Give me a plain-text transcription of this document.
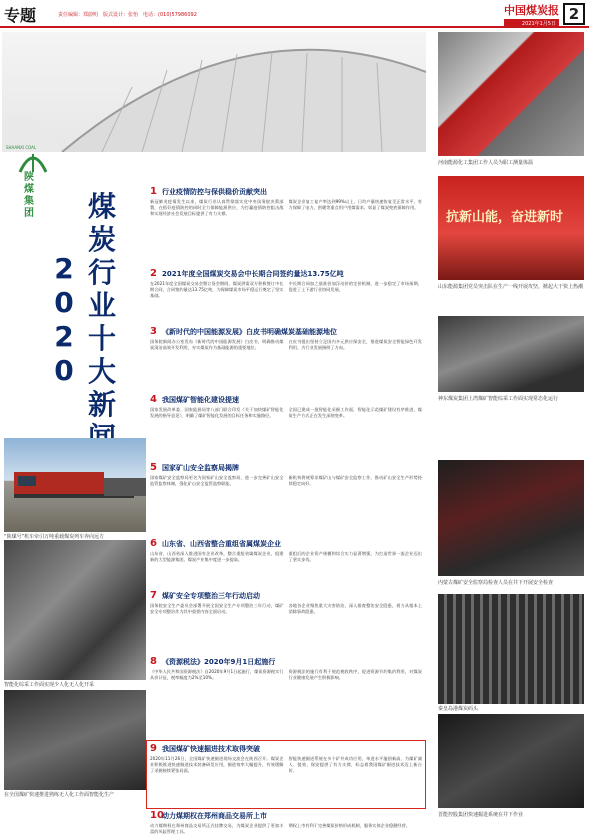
专题	责任编辑：郑蔚明　版式设计：张怡　电话：(010)57986092	中国煤炭报
2021年1月5日
2
SHAANXI COAL
陕煤集团 煤炭行业十大新
2020
“陕煤号”机车牵引万吨重载煤炭列车奔向远方
智能化综采工作面实现少人化无人化开采
在全国煤矿快速推进熟练无人化工作面智能化生产
1 行业疫情防控与保供稳价贡献突出
新冠肺炎疫情发生以来，煤炭行业认真贯彻落实党中央国务院决策部署，在抓好疫情防控的同时全力保障能源供应，为打赢疫情防控阻击战和实现经济社会发展目标提供了有力支撑。
煤炭企业复工复产率达到99%以上，日均产量快速恢复至正常水平，有力保障了电力、供暖等重点用户用煤需求，彰显了煤炭兜底保障作用。
2 2021年度全国煤炭交易会中长期合同签约量达13.75亿吨
在2021年度全国煤炭交易会暨订货会期间，煤炭供需双方积极签订中长期合同，合同签约量达13.75亿吨，为保障煤炭市场平稳运行奠定了坚实基础。
中长期合同加之基准价加浮动价的定价机制，进一步稳定了市场预期，促进了上下游行业协同发展。
3 《新时代的中国能源发展》白皮书明确煤炭基础能源地位
国务院新闻办公室发布《新时代的中国能源发展》白皮书，明确推动煤炭清洁高效开发利用，夯实煤炭作为基础能源的重要地位。
白皮书提出坚持立足国内多元供应保安全，推进煤炭安全智能绿色开发利用，为行业发展指明了方向。
4 我国煤矿智能化建设提速
国家发展改革委、国家能源局等八部门联合印发《关于加快煤矿智能化发展的指导意见》，明确了煤矿智能化发展的目标任务和实施路径。
全国已建成一批智能化采掘工作面，智能化示范煤矿建设有序推进，煤炭生产方式正在发生深刻变革。
5 国家矿山安全监察局揭牌
国家煤矿安全监察局更名为国家矿山安全监察局，进一步完善矿山安全监管监察体制，强化矿山安全监管监察职能。
新机构将统筹非煤矿山与煤矿安全监察工作，推动矿山安全生产形势持续稳定向好。
6 山东省、山西省整合重组省属煤炭企业
山东省、山西省深入推进国有企业改革，整合重组省属煤炭企业，组建新的大型能源集团，煤炭产业集中度进一步提高。
重组后的企业资产规模和综合实力显著增强，为打造世界一流企业迈出了坚实步伐。
7 煤矿安全专项整治三年行动启动
国务院安全生产委员会部署开展全国安全生产专项整治三年行动，煤矿安全专项整治作为其中重要内容全面启动。
各地各企业聚焦重大灾害防治，深入排查整治安全隐患，着力从根本上消除事故隐患。
8 《资源税法》2020年9月1日起施行
《中华人民共和国资源税法》自2020年9月1日起施行，煤炭资源税实行从价计征，税率幅度为2%至10%。
资源税法的施行有利于规范税收秩序，促进资源节约集约利用，对煤炭行业健康发展产生积极影响。
9 我国煤矿快速掘进技术取得突破
2020年11月26日，全国煤矿快速掘进现场交流会在陕西召开。煤炭企业积极推进快速掘进技术装备研发应用，掘进效率大幅提升，有效缓解了采掘接续紧张局面。
智能快速掘进系统在多个矿井成功应用，单进水平屡创新高，为煤矿减人、提效、保安提供了有力支撑，标志着我国煤矿掘进技术迈上新台阶。
10
动力煤期权在郑州商品交易所上市
动力煤期权在郑州商品交易所正式挂牌交易，为煤炭企业提供了更加丰富的风险管理工具。
期权上市有利于完善煤炭价格形成机制，服务实体企业稳健经营。
河南能源化工集团工作人员为职工测量体温
抗新山能，奋进新时
山东能源集团党员突击队在生产一线开展攻坚，掀起大干快上热潮
神东煤炭集团上湾煤矿智能综采工作面实现常态化运行
内蒙古煤矿安全监察局检查人员在井下开展安全检查
秦皇岛港煤炭码头
晋能控股集团快速掘进系统在井下作业
